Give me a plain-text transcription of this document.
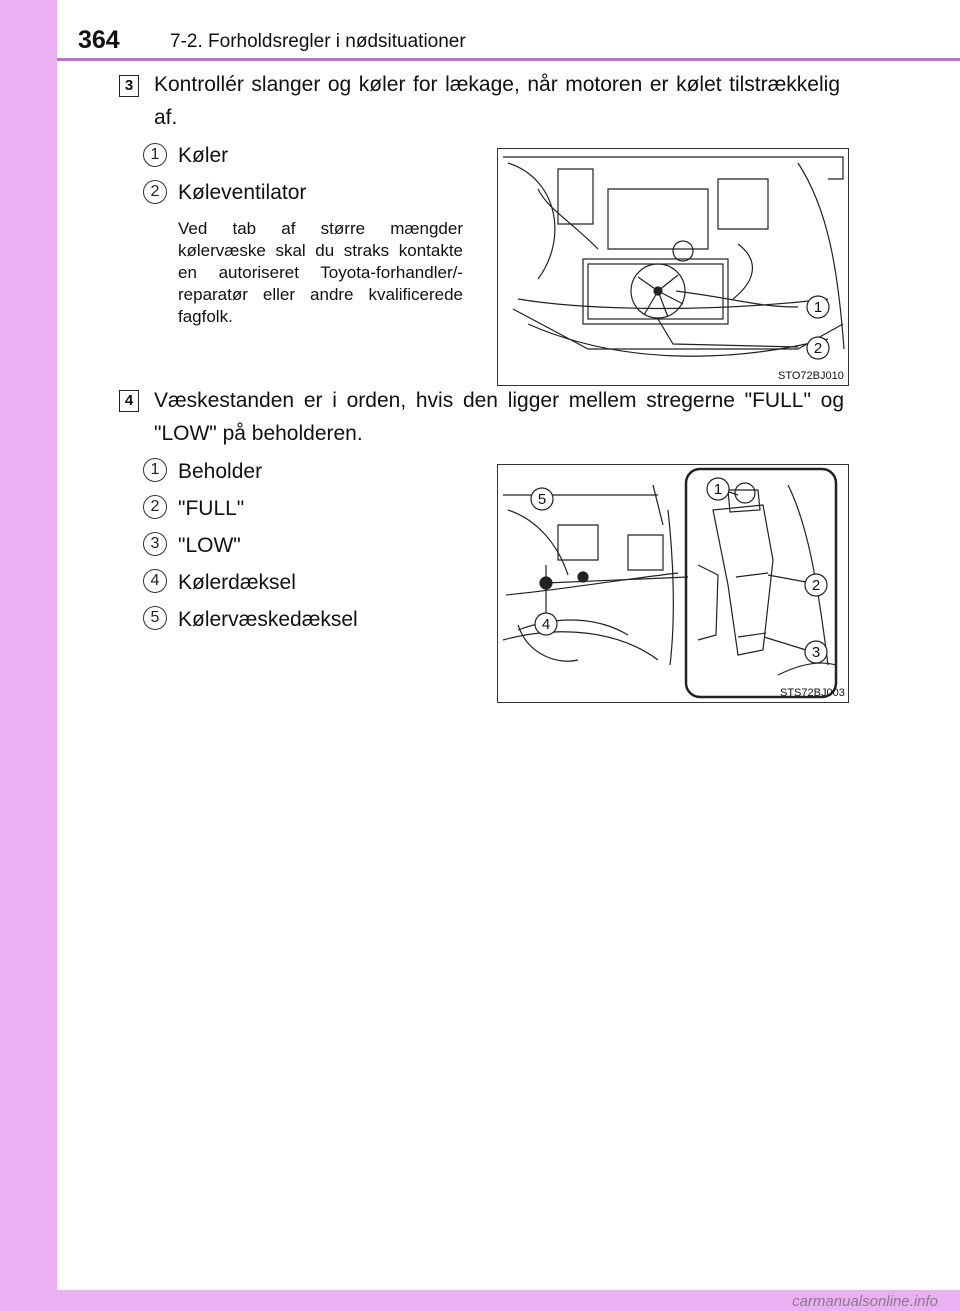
364	7-2. Forholdsregler i nødsituationer
3 Kontrollér slanger og køler for lækage, når motoren er kølet tilstrækkelig af.
1 Køler
2 Køleventilator
Ved tab af større mængder kølervæske skal du straks kontakte en autoriseret Toyota-forhandler/-reparatør eller andre kvalificerede fagfolk.	1
2
STO72BJ010
4 Væskestanden er i orden, hvis den ligger mellem stregerne "FULL" og "LOW" på beholderen.
1 Beholder
2 "FULL"
3 "LOW"
4 Kølerdæksel
5 Kølervæskedæksel
5
4
1
2
3
STS72BJ003
carmanualsonline.info
